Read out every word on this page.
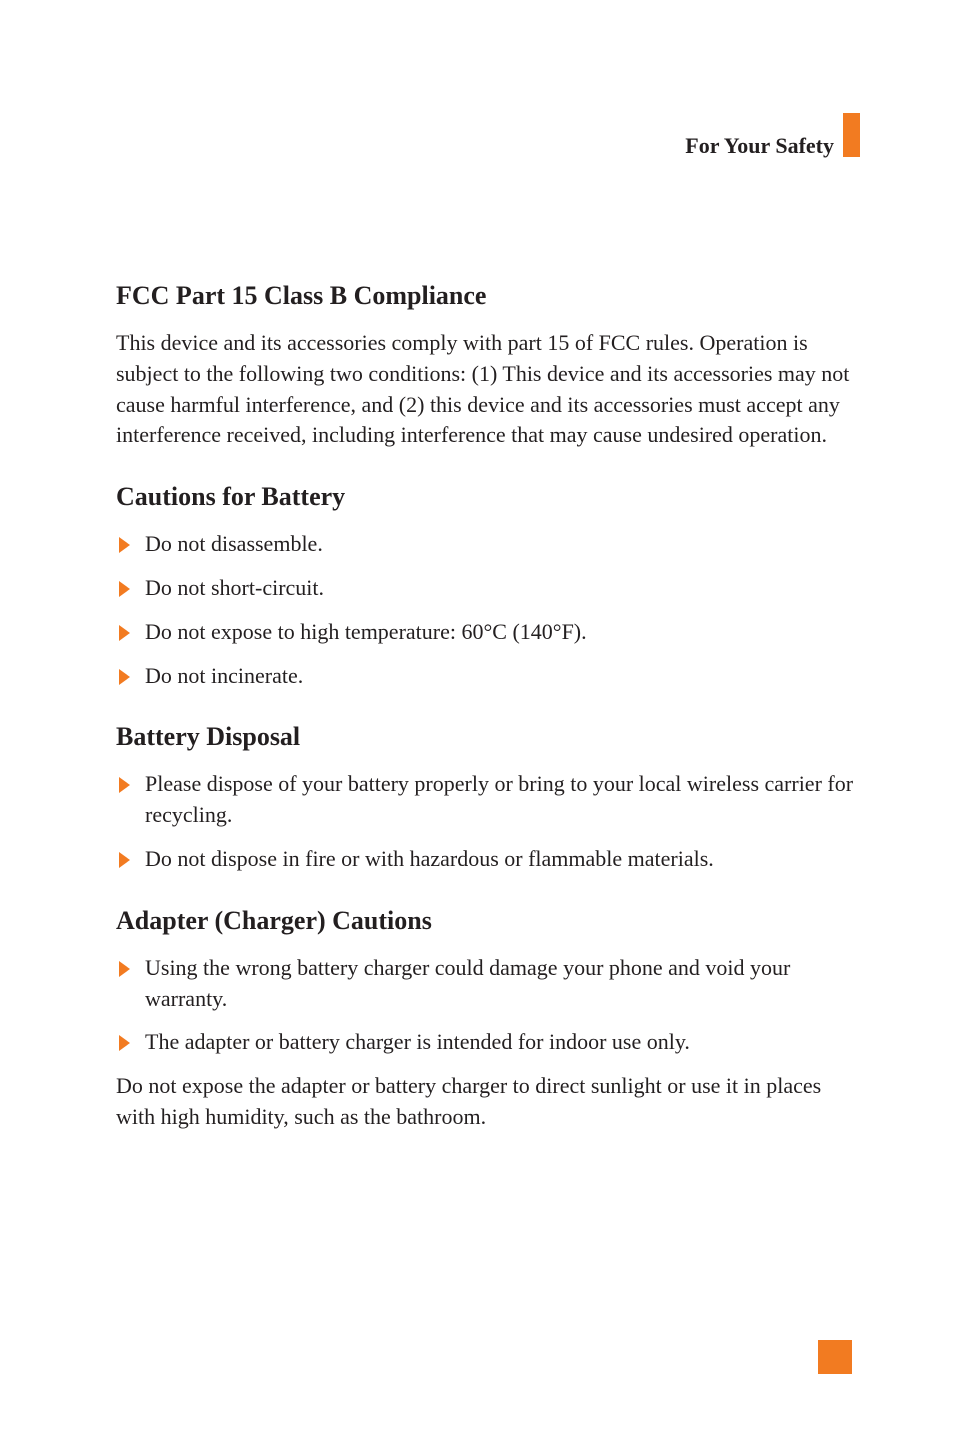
For Your Safety
FCC Part 15 Class B Compliance

This device and its accessories comply with part 15 of FCC rules. Operation is subject to the following two conditions: (1) This device and its accessories may not cause harmful interference, and (2) this device and its accessories must accept any interference received, including interference that may cause undesired operation.

Cautions for Battery
Do not disassemble.
Do not short-circuit.
Do not expose to high temperature: 60°C (140°F).
Do not incinerate.
Battery Disposal
Please dispose of your battery properly or bring to your local wireless carrier for recycling.
Do not dispose in fire or with hazardous or flammable materials.
Adapter (Charger) Cautions
Using the wrong battery charger could damage your phone and void your warranty.
The adapter or battery charger is intended for indoor use only.

Do not expose the adapter or battery charger to direct sunlight or use it in places with high humidity, such as the bathroom.
